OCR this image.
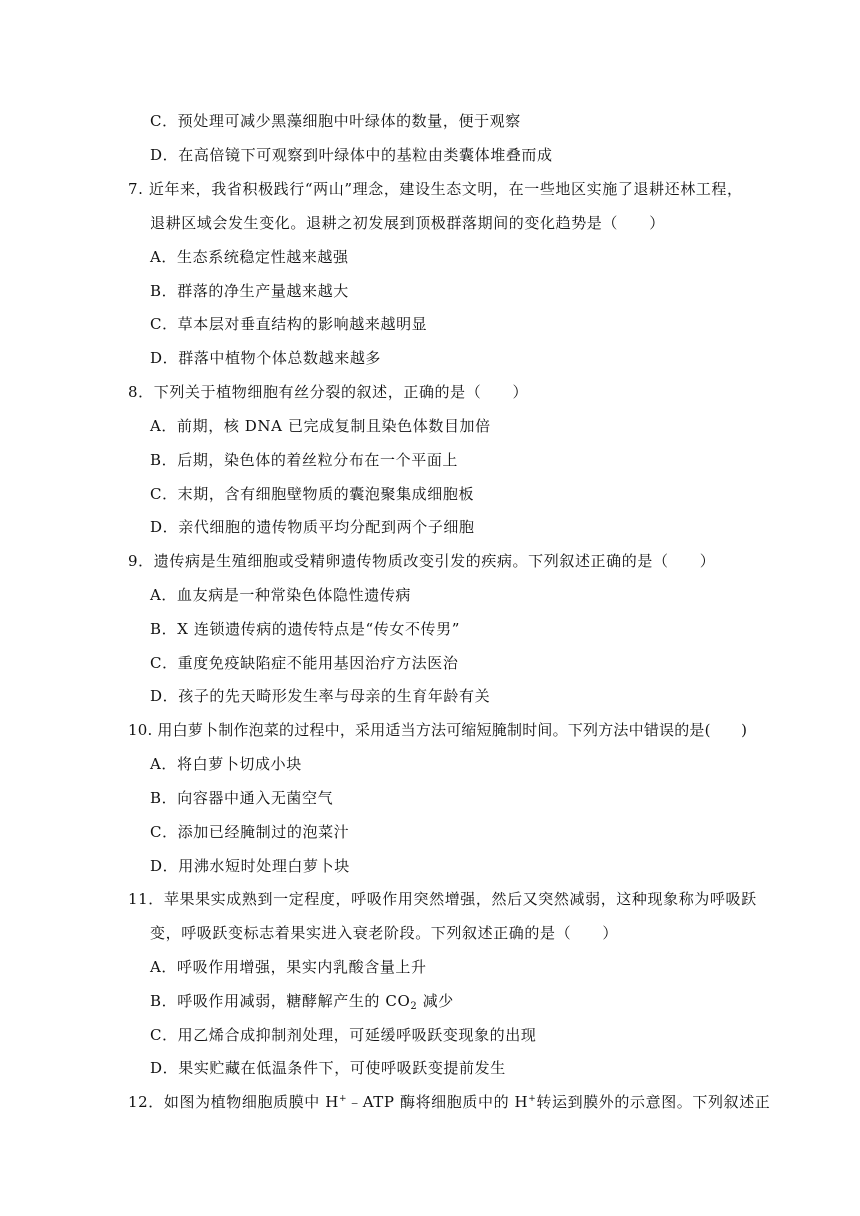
C．预处理可减少黑藻细胞中叶绿体的数量，便于观察
D．在高倍镜下可观察到叶绿体中的基粒由类囊体堆叠而成
7. 近年来，我省积极践行“两山”理念，建设生态文明，在一些地区实施了退耕还林工程，
退耕区域会发生变化。退耕之初发展到顶极群落期间的变化趋势是（　　）
A．生态系统稳定性越来越强
B．群落的净生产量越来越大
C．草本层对垂直结构的影响越来越明显
D．群落中植物个体总数越来越多
8．下列关于植物细胞有丝分裂的叙述，正确的是（　　）
A．前期，核 DNA 已完成复制且染色体数目加倍
B．后期，染色体的着丝粒分布在一个平面上
C．末期，含有细胞壁物质的囊泡聚集成细胞板
D．亲代细胞的遗传物质平均分配到两个子细胞
9．遗传病是生殖细胞或受精卵遗传物质改变引发的疾病。下列叙述正确的是（　　）
A．血友病是一种常染色体隐性遗传病
B．X 连锁遗传病的遗传特点是“传女不传男”
C．重度免疫缺陷症不能用基因治疗方法医治
D．孩子的先天畸形发生率与母亲的生育年龄有关
10. 用白萝卜制作泡菜的过程中，采用适当方法可缩短腌制时间。下列方法中错误的是(　　)
A．将白萝卜切成小块
B．向容器中通入无菌空气
C．添加已经腌制过的泡菜汁
D．用沸水短时处理白萝卜块
11．苹果果实成熟到一定程度，呼吸作用突然增强，然后又突然减弱，这种现象称为呼吸跃
变，呼吸跃变标志着果实进入衰老阶段。下列叙述正确的是（　　）
A．呼吸作用增强，果实内乳酸含量上升
B．呼吸作用减弱，糖酵解产生的 $CO_2$ 减少
C．用乙烯合成抑制剂处理，可延缓呼吸跃变现象的出现
D．果实贮藏在低温条件下，可使呼吸跃变提前发生
12．如图为植物细胞质膜中 H+﹣ATP 酶将细胞质中的 H+转运到膜外的示意图。下列叙述正
